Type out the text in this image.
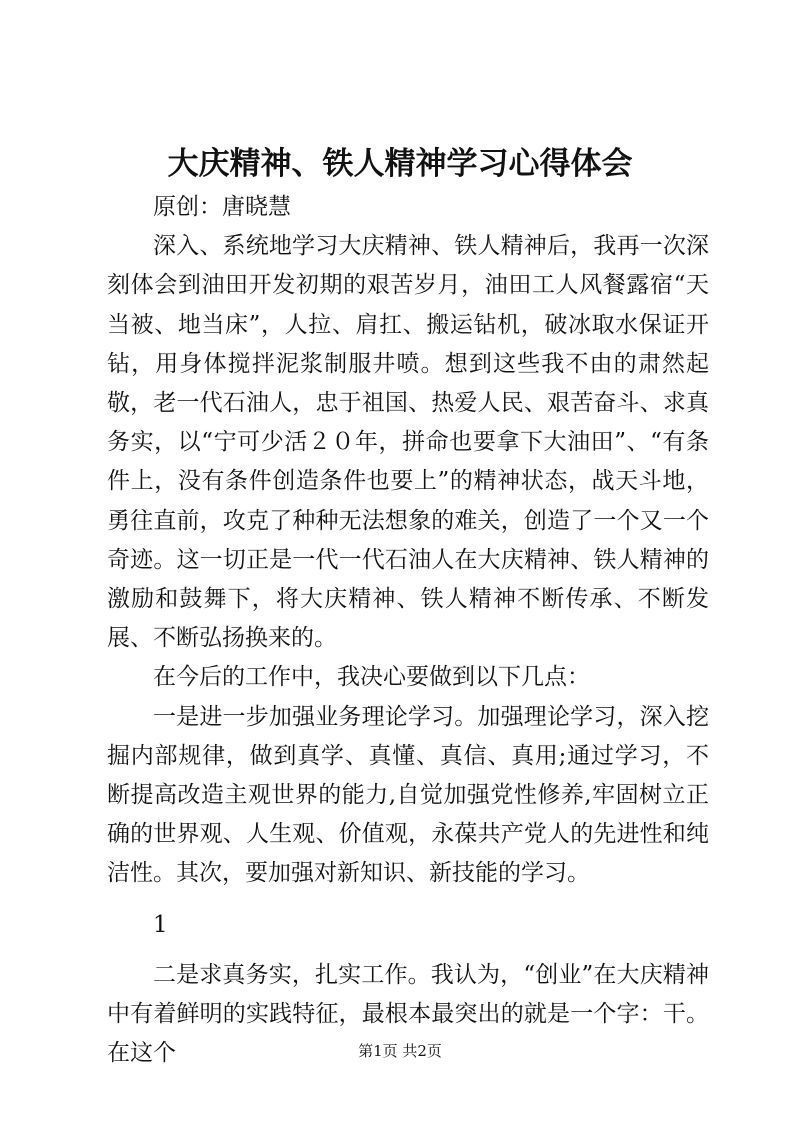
大庆精神、铁人精神学习心得体会

原创：唐晓慧

深入、系统地学习大庆精神、铁人精神后，我再一次深刻体会到油田开发初期的艰苦岁月，油田工人风餐露宿“天当被、地当床”，人拉、肩扛、搬运钻机，破冰取水保证开钻，用身体搅拌泥浆制服井喷。想到这些我不由的肃然起敬，老一代石油人，忠于祖国、热爱人民、艰苦奋斗、求真务实，以“宁可少活２０年，拼命也要拿下大油田”、“有条件上，没有条件创造条件也要上”的精神状态，战天斗地，勇往直前，攻克了种种无法想象的难关，创造了一个又一个奇迹。这一切正是一代一代石油人在大庆精神、铁人精神的激励和鼓舞下，将大庆精神、铁人精神不断传承、不断发展、不断弘扬换来的。

在今后的工作中，我决心要做到以下几点：

一是进一步加强业务理论学习。加强理论学习，深入挖掘内部规律，做到真学、真懂、真信、真用;通过学习，不断提高改造主观世界的能力,自觉加强党性修养,牢固树立正确的世界观、人生观、价值观，永葆共产党人的先进性和纯洁性。其次，要加强对新知识、新技能的学习。

1

二是求真务实，扎实工作。我认为，“创业”在大庆精神中有着鲜明的实践特征，最根本最突出的就是一个字：干。在这个	第1页 共2页
